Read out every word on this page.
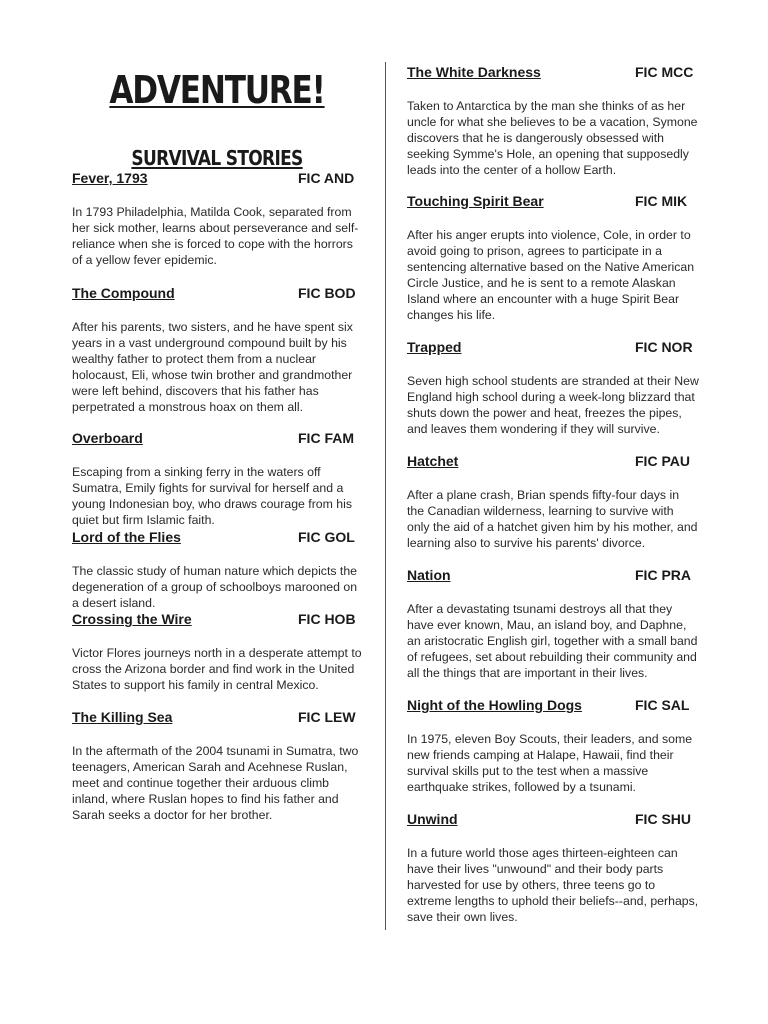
ADVENTURE!
SURVIVAL STORIES
Fever, 1793	FIC AND

In 1793 Philadelphia, Matilda Cook, separated from her sick mother, learns about perseverance and self-reliance when she is forced to cope with the horrors of a yellow fever epidemic.

The Compound	FIC BOD

After his parents, two sisters, and he have spent six years in a vast underground compound built by his wealthy father to protect them from a nuclear holocaust, Eli, whose twin brother and grandmother were left behind, discovers that his father has perpetrated a monstrous hoax on them all.

Overboard	FIC FAM

Escaping from a sinking ferry in the waters off Sumatra, Emily fights for survival for herself and a young Indonesian boy, who draws courage from his quiet but firm Islamic faith.

Lord of the Flies	FIC GOL

The classic study of human nature which depicts the degeneration of a group of schoolboys marooned on a desert island.

Crossing the Wire	FIC HOB

Victor Flores journeys north in a desperate attempt to cross the Arizona border and find work in the United States to support his family in central Mexico.

The Killing Sea	FIC LEW

In the aftermath of the 2004 tsunami in Sumatra, two teenagers, American Sarah and Acehnese Ruslan, meet and continue together their arduous climb inland, where Ruslan hopes to find his father and Sarah seeks a doctor for her brother.

The White Darkness	FIC MCC

Taken to Antarctica by the man she thinks of as her uncle for what she believes to be a vacation, Symone discovers that he is dangerously obsessed with seeking Symme's Hole, an opening that supposedly leads into the center of a hollow Earth.

Touching Spirit Bear	FIC MIK

After his anger erupts into violence, Cole, in order to avoid going to prison, agrees to participate in a sentencing alternative based on the Native American Circle Justice, and he is sent to a remote Alaskan Island where an encounter with a huge Spirit Bear changes his life.

Trapped	FIC NOR

Seven high school students are stranded at their New England high school during a week-long blizzard that shuts down the power and heat, freezes the pipes, and leaves them wondering if they will survive.

Hatchet	FIC PAU

After a plane crash, Brian spends fifty-four days in the Canadian wilderness, learning to survive with only the aid of a hatchet given him by his mother, and learning also to survive his parents' divorce.

Nation	FIC PRA

After a devastating tsunami destroys all that they have ever known, Mau, an island boy, and Daphne, an aristocratic English girl, together with a small band of refugees, set about rebuilding their community and all the things that are important in their lives.

Night of the Howling Dogs	FIC SAL

In 1975, eleven Boy Scouts, their leaders, and some new friends camping at Halape, Hawaii, find their survival skills put to the test when a massive earthquake strikes, followed by a tsunami.

Unwind	FIC SHU

In a future world those ages thirteen-eighteen can have their lives "unwound" and their body parts harvested for use by others, three teens go to extreme lengths to uphold their beliefs--and, perhaps, save their own lives.
